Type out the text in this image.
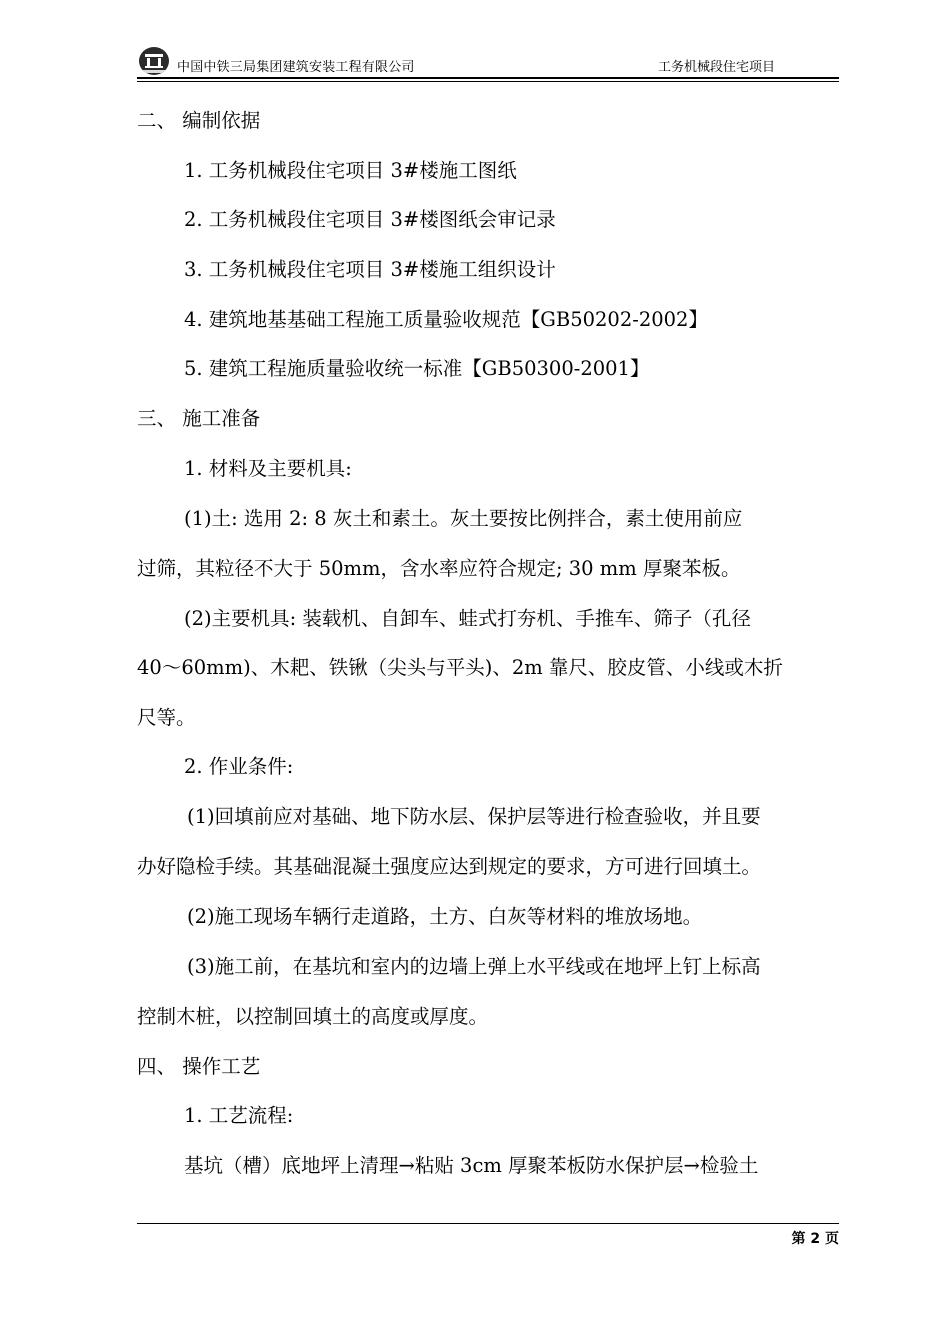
中国中铁三局集团建筑安装工程有限公司	工务机械段住宅项目
二、 编制依据
1. 工务机械段住宅项目 3#楼施工图纸
2. 工务机械段住宅项目 3#楼图纸会审记录
3. 工务机械段住宅项目 3#楼施工组织设计
4. 建筑地基基础工程施工质量验收规范【GB50202-2002】
5. 建筑工程施质量验收统一标准【GB50300-2001】
三、 施工准备
1. 材料及主要机具:
(1)土: 选用 2: 8 灰土和素土。灰土要按比例拌合，素土使用前应
过筛，其粒径不大于 50mm，含水率应符合规定; 30 mm 厚聚苯板。
(2)主要机具: 装载机、自卸车、蛙式打夯机、手推车、筛子（孔径
40～60mm)、木耙、铁锹（尖头与平头)、2m 靠尺、胶皮管、小线或木折
尺等。
2. 作业条件:
(1)回填前应对基础、地下防水层、保护层等进行检查验收，并且要
办好隐检手续。其基础混凝土强度应达到规定的要求，方可进行回填土。
(2)施工现场车辆行走道路，土方、白灰等材料的堆放场地。
(3)施工前，在基坑和室内的边墙上弹上水平线或在地坪上钉上标高
控制木桩，以控制回填土的高度或厚度。
四、 操作工艺
1. 工艺流程:
基坑（槽）底地坪上清理→粘贴 3cm 厚聚苯板防水保护层→检验土
第 2 页
